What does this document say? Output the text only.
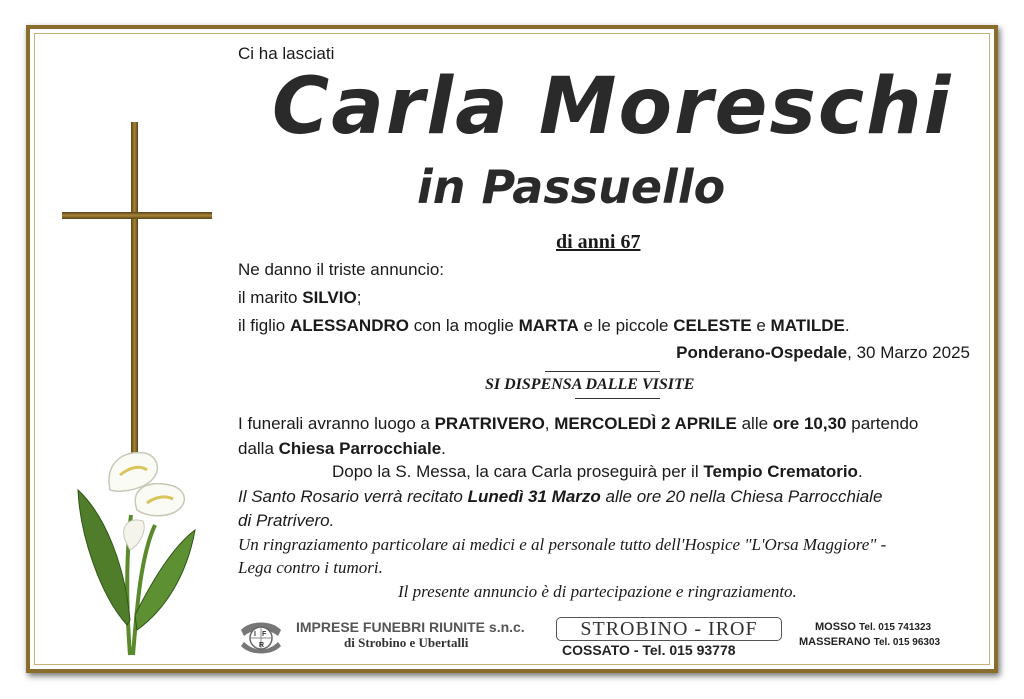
Ci ha lasciati
Carla Moreschi
in Passuello
di anni 67
Ne danno il triste annuncio:
il marito SILVIO;
il figlio ALESSANDRO con la moglie MARTA e le piccole CELESTE e MATILDE.
Ponderano-Ospedale, 30 Marzo 2025
SI DISPENSA DALLE VISITE
I funerali avranno luogo a PRATRIVERO, MERCOLEDÌ 2 APRILE alle ore 10,30 partendo
dalla Chiesa Parrocchiale.
Dopo la S. Messa, la cara Carla proseguirà per il Tempio Crematorio.
Il Santo Rosario verrà recitato Lunedì 31 Marzo alle ore 20 nella Chiesa Parrocchiale
di Pratrivero.
Un ringraziamento particolare ai medici e al personale tutto dell'Hospice "L'Orsa Maggiore" -
Lega contro i tumori.
Il presente annuncio è di partecipazione e ringraziamento.
I F
R
IMPRESE FUNEBRI RIUNITE s.n.c.
di Strobino e Ubertalli
STROBINO - IROF
COSSATO - Tel. 015 93778
MOSSO Tel. 015 741323
MASSERANO Tel. 015 96303
